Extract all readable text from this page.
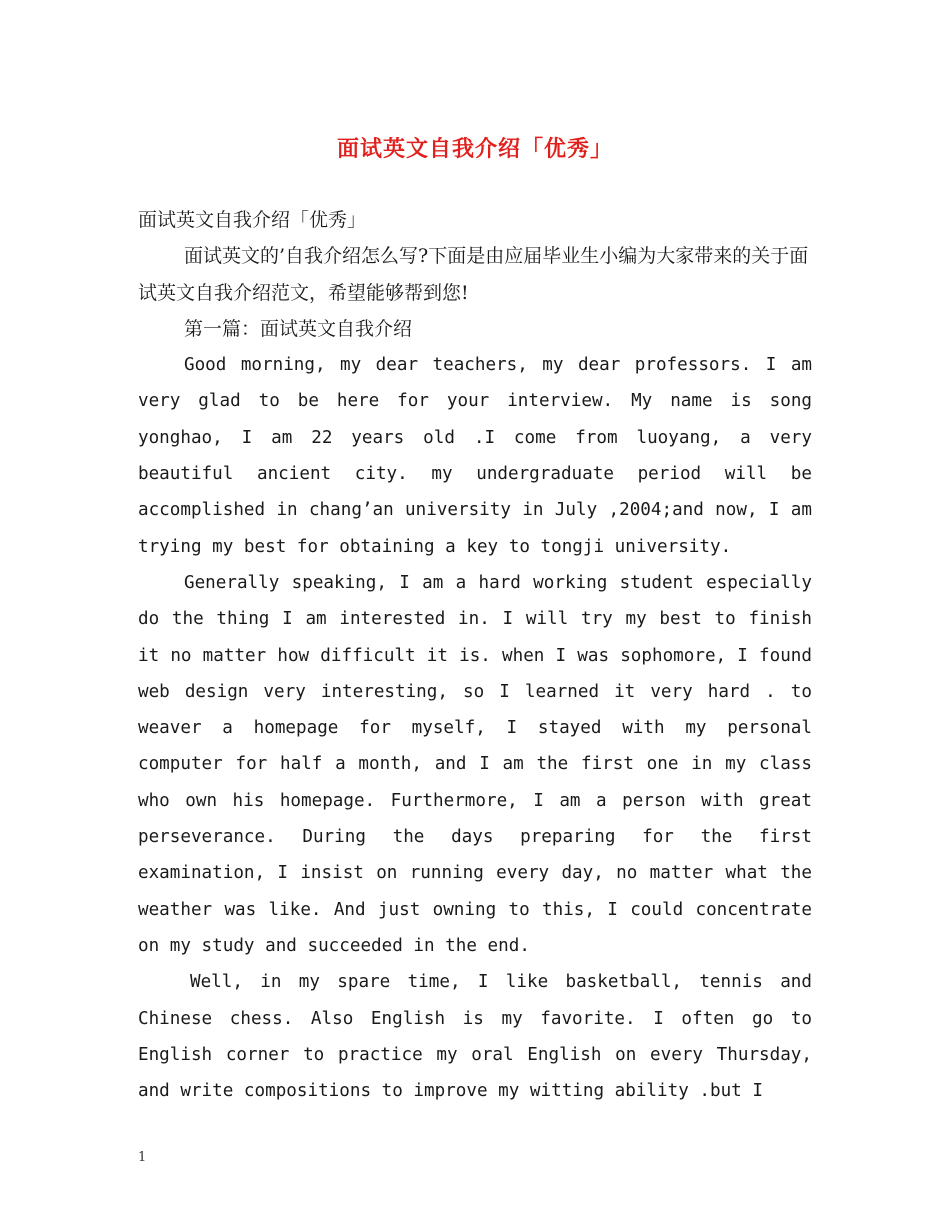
面试英文自我介绍「优秀」

面试英文自我介绍「优秀」

面试英文的’自我介绍怎么写?下面是由应届毕业生小编为大家带来的关于面试英文自我介绍范文，希望能够帮到您!

第一篇：面试英文自我介绍

Good morning, my dear teachers, my dear professors. I am very glad to be here for your interview. My name is song yonghao, I am 22 years old .I come from luoyang, a very beautiful ancient city. my undergraduate period will be accomplished in chang’an university in July ,2004;and now, I am trying my best for obtaining a key to tongji university.

Generally speaking, I am a hard working student especially do the thing I am interested in. I will try my best to finish it no matter how difficult it is. when I was sophomore, I found web design very interesting, so I learned it very hard . to weaver a homepage for myself, I stayed with my personal computer for half a month, and I am the first one in my class who own his homepage. Furthermore, I am a person with great perseverance. During the days preparing for the first examination, I insist on running every day, no matter what the weather was like. And just owning to this, I could concentrate on my study and succeeded in the end.

Well, in my spare time, I like basketball, tennis and Chinese chess. Also English is my favorite. I often go to English corner to practice my oral English on every Thursday, and write compositions to improve my witting ability .but I

1
